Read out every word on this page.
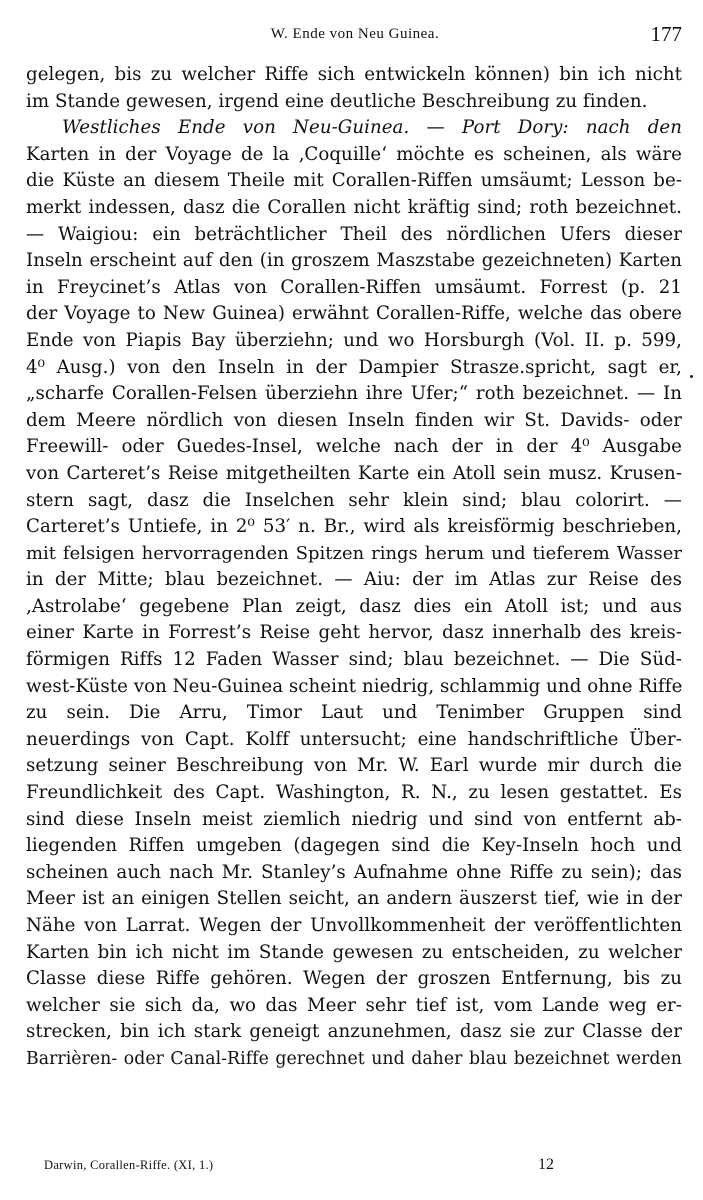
W. Ende von Neu Guinea.	177
gelegen, bis zu welcher Riffe sich entwickeln können) bin ich nicht
im Stande gewesen, irgend eine deutliche Beschreibung zu finden.
Westliches Ende von Neu-Guinea. — Port Dory: nach den
Karten in der Voyage de la ‚Coquille‘ möchte es scheinen, als wäre
die Küste an diesem Theile mit Corallen-Riffen umsäumt; Lesson be-
merkt indessen, dasz die Corallen nicht kräftig sind; roth bezeichnet.
— Waigiou: ein beträchtlicher Theil des nördlichen Ufers dieser
Inseln erscheint auf den (in groszem Maszstabe gezeichneten) Karten
in Freycinet’s Atlas von Corallen-Riffen umsäumt. Forrest (p. 21
der Voyage to New Guinea) erwähnt Corallen-Riffe, welche das obere
Ende von Piapis Bay überziehn; und wo Horsburgh (Vol. II. p. 599,
4⁰ Ausg.) von den Inseln in der Dampier Strasze.spricht, sagt er,
„scharfe Corallen-Felsen überziehn ihre Ufer;“ roth bezeichnet. — In
dem Meere nördlich von diesen Inseln finden wir St. Davids- oder
Freewill- oder Guedes-Insel, welche nach der in der 4⁰ Ausgabe
von Carteret’s Reise mitgetheilten Karte ein Atoll sein musz. Krusen-
stern sagt, dasz die Inselchen sehr klein sind; blau colorirt. —
Carteret’s Untiefe, in 2⁰ 53′ n. Br., wird als kreisförmig beschrieben,
mit felsigen hervorragenden Spitzen rings herum und tieferem Wasser
in der Mitte; blau bezeichnet. — Aiu: der im Atlas zur Reise des
‚Astrolabe‘ gegebene Plan zeigt, dasz dies ein Atoll ist; und aus
einer Karte in Forrest’s Reise geht hervor, dasz innerhalb des kreis-
förmigen Riffs 12 Faden Wasser sind; blau bezeichnet. — Die Süd-
west-Küste von Neu-Guinea scheint niedrig, schlammig und ohne Riffe
zu sein. Die Arru, Timor Laut und Tenimber Gruppen sind
neuerdings von Capt. Kolff untersucht; eine handschriftliche Über-
setzung seiner Beschreibung von Mr. W. Earl wurde mir durch die
Freundlichkeit des Capt. Washington, R. N., zu lesen gestattet. Es
sind diese Inseln meist ziemlich niedrig und sind von entfernt ab-
liegenden Riffen umgeben (dagegen sind die Key-Inseln hoch und
scheinen auch nach Mr. Stanley’s Aufnahme ohne Riffe zu sein); das
Meer ist an einigen Stellen seicht, an andern äuszerst tief, wie in der
Nähe von Larrat. Wegen der Unvollkommenheit der veröffentlichten
Karten bin ich nicht im Stande gewesen zu entscheiden, zu welcher
Classe diese Riffe gehören. Wegen der groszen Entfernung, bis zu
welcher sie sich da, wo das Meer sehr tief ist, vom Lande weg er-
strecken, bin ich stark geneigt anzunehmen, dasz sie zur Classe der
Barrièren- oder Canal-Riffe gerechnet und daher blau bezeichnet werden
Darwin, Corallen-Riffe. (XI, 1.)	12
